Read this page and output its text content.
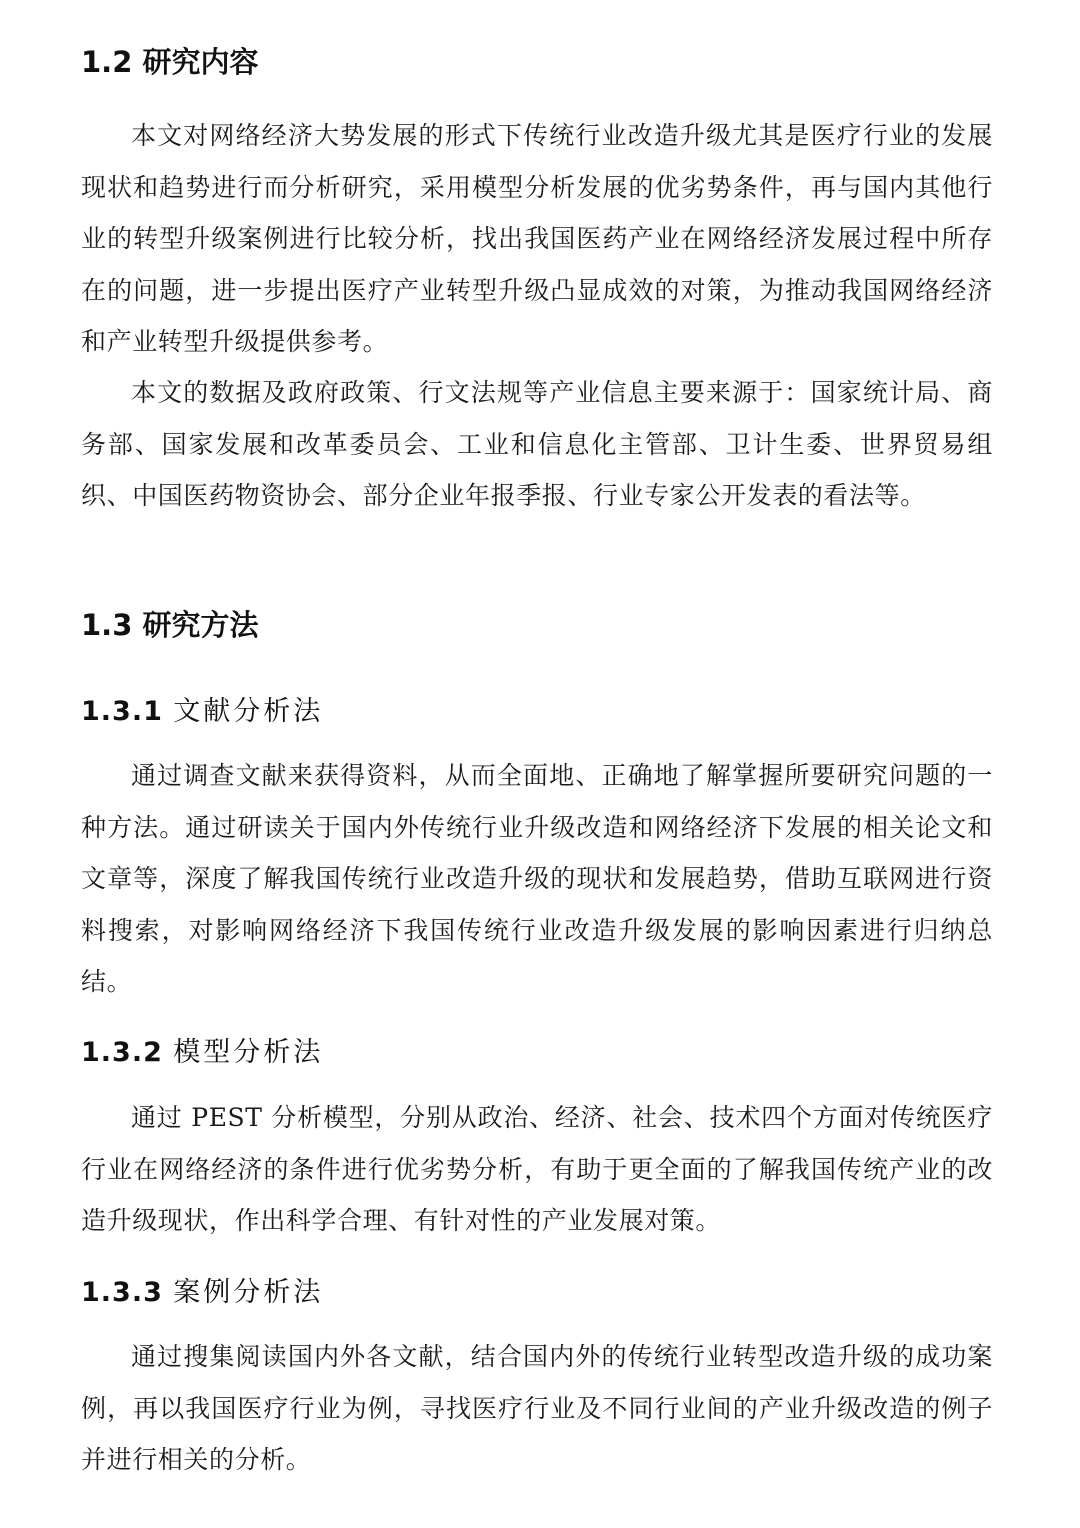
1.2 研究内容

本文对网络经济大势发展的形式下传统行业改造升级尤其是医疗行业的发展现状和趋势进行而分析研究，采用模型分析发展的优劣势条件，再与国内其他行业的转型升级案例进行比较分析，找出我国医药产业在网络经济发展过程中所存在的问题，进一步提出医疗产业转型升级凸显成效的对策，为推动我国网络经济和产业转型升级提供参考。

本文的数据及政府政策、行文法规等产业信息主要来源于：国家统计局、商务部、国家发展和改革委员会、工业和信息化主管部、卫计生委、世界贸易组织、中国医药物资协会、部分企业年报季报、行业专家公开发表的看法等。

1.3 研究方法
1.3.1 文献分析法

通过调查文献来获得资料，从而全面地、正确地了解掌握所要研究问题的一种方法。通过研读关于国内外传统行业升级改造和网络经济下发展的相关论文和文章等，深度了解我国传统行业改造升级的现状和发展趋势，借助互联网进行资料搜索，对影响网络经济下我国传统行业改造升级发展的影响因素进行归纳总结。

1.3.2 模型分析法

通过 PEST 分析模型，分别从政治、经济、社会、技术四个方面对传统医疗行业在网络经济的条件进行优劣势分析，有助于更全面的了解我国传统产业的改造升级现状，作出科学合理、有针对性的产业发展对策。

1.3.3 案例分析法

通过搜集阅读国内外各文献，结合国内外的传统行业转型改造升级的成功案例，再以我国医疗行业为例，寻找医疗行业及不同行业间的产业升级改造的例子并进行相关的分析。
